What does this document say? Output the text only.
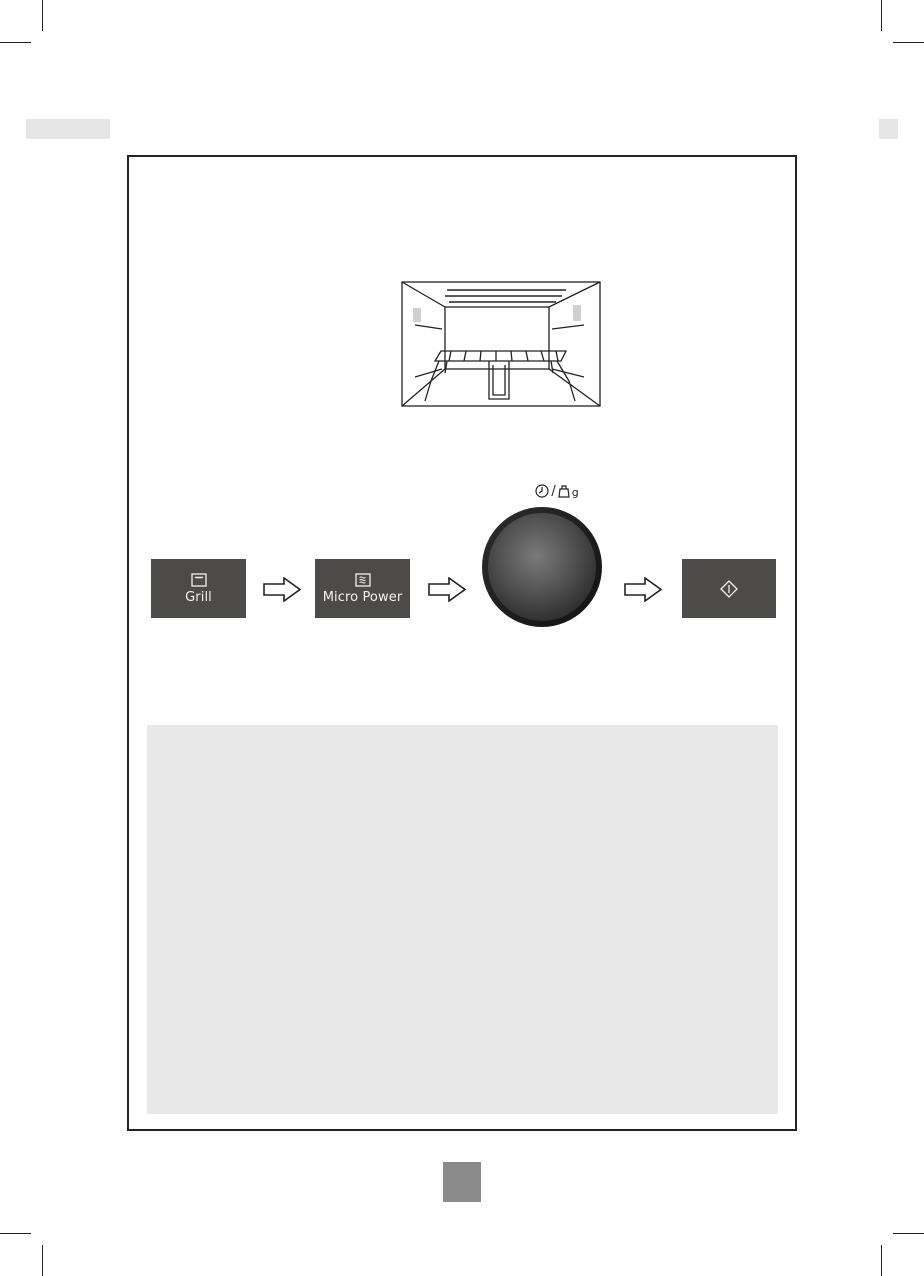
Grill	Micro Power
/ g
